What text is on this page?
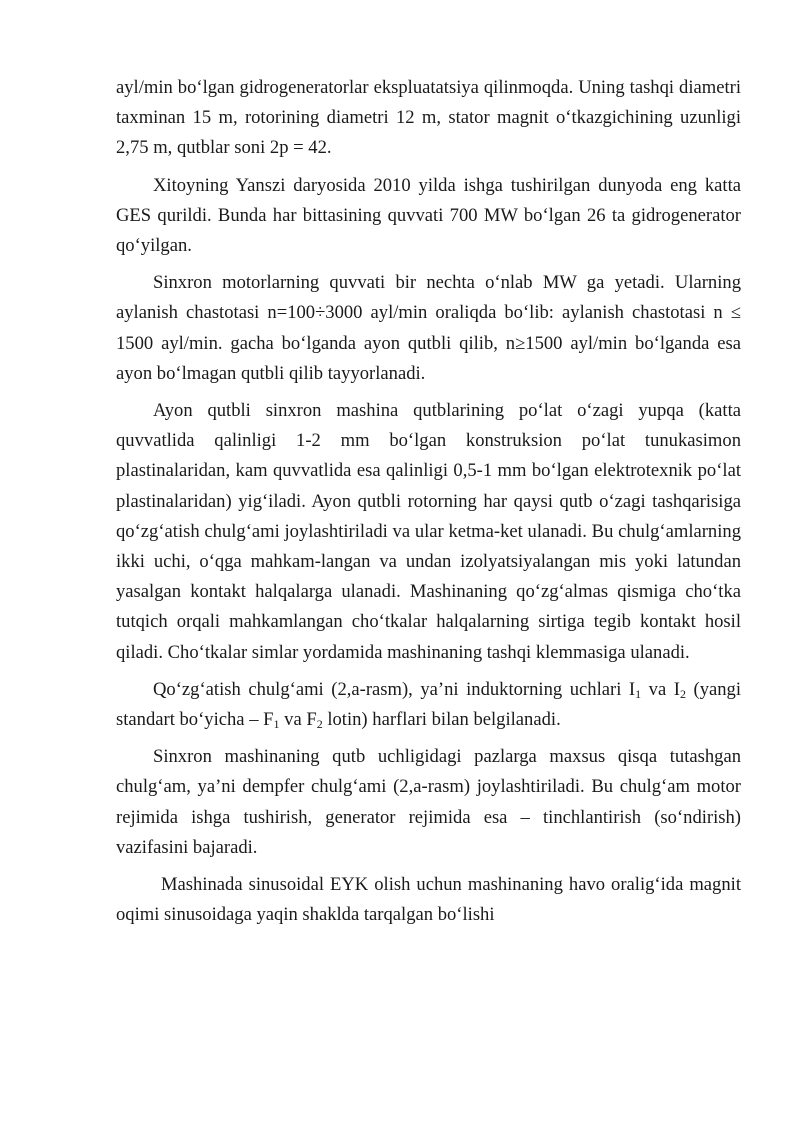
ayl/min boʻlgan gidrogeneratorlar ekspluatatsiya qilinmoqda. Uning tashqi diametri taxminan 15 m, rotorining diametri 12 m, stator magnit oʻtkazgichining uzunligi 2,75 m, qutblar soni 2p = 42.

Xitoyning Yanszi daryosida 2010 yilda ishga tushirilgan dunyoda eng katta GES qurildi. Bunda har bittasining quvvati 700 MW boʻlgan 26 ta gidrogenerator qoʻyilgan.

Sinxron motorlarning quvvati bir nechta oʻnlab MW ga yetadi. Ularning aylanish chastotasi n=100÷3000 ayl/min oraliqda boʻlib: aylanish chastotasi n ≤ 1500 ayl/min. gacha boʻlganda ayon qutbli qilib, n≥1500 ayl/min boʻlganda esa ayon boʻlmagan qutbli qilib tayyorlanadi.

Ayon qutbli sinxron mashina qutblarining poʻlat oʻzagi yupqa (katta quvvatlida qalinligi 1-2 mm boʻlgan konstruksion poʻlat tunukasimon plastinalaridan, kam quvvatlida esa qalinligi 0,5-1 mm boʻlgan elektrotexnik poʻlat plastinalaridan) yigʻiladi. Ayon qutbli rotorning har qaysi qutb oʻzagi tashqarisiga qoʻzgʻatish chulgʻami joylashtiriladi va ular ketma-ket ulanadi. Bu chulgʻamlarning ikki uchi, oʻqga mahkam-langan va undan izolyatsiyalangan mis yoki latundan yasalgan kontakt halqalarga ulanadi. Mashinaning qoʻzgʻalmas qismiga choʻtka tutqich orqali mahkamlangan choʻtkalar halqalarning sirtiga tegib kontakt hosil qiladi. Choʻtkalar simlar yordamida mashinaning tashqi klemmasiga ulanadi.

Qoʻzgʻatish chulgʻami (2,a-rasm), yaʼni induktorning uchlari $I_1$ va $I_2$ (yangi standart boʻyicha – $F_1$ va $F_2$ lotin) harflari bilan belgilanadi.

Sinxron mashinaning qutb uchligidagi pazlarga maxsus qisqa tutashgan chulgʻam, yaʼni dempfer chulgʻami (2,a-rasm) joylashtiriladi. Bu chulgʻam motor rejimida ishga tushirish, generator rejimida esa – tinchlantirish (soʻndirish) vazifasini bajaradi.

Mashinada sinusoidal EYK olish uchun mashinaning havo oraligʻida magnit oqimi sinusoidaga yaqin shaklda tarqalgan boʻlishi
